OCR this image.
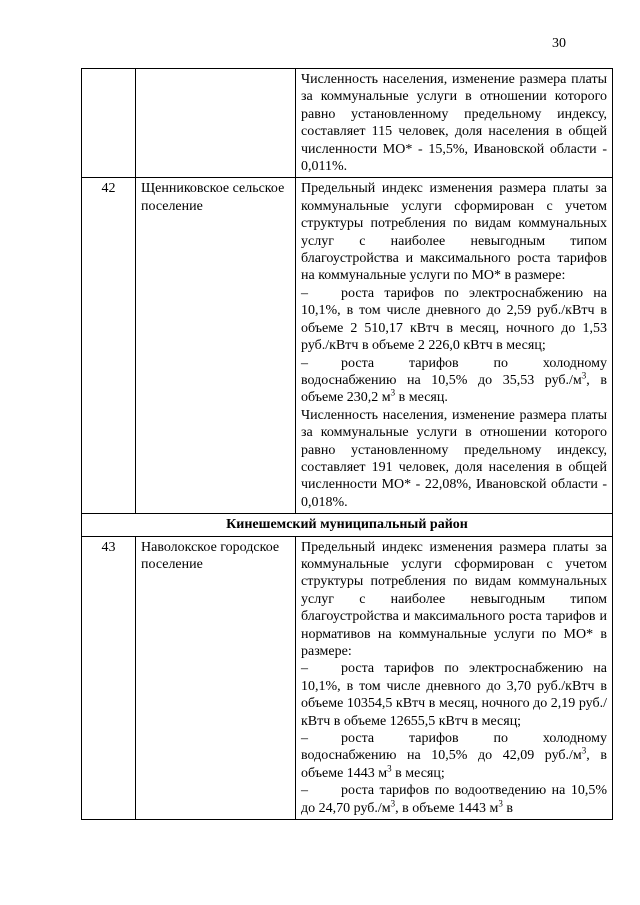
30

		Численность населения, изменение размера платы за коммунальные услуги в отношении которого равно установленному предельному индексу, составляет 115 человек, доля населения в общей численности МО* - 15,5%, Ивановской области - 0,011%.

42	Щенниковское сельское поселение	Предельный индекс изменения размера платы за коммунальные услуги сформирован с учетом структуры потребления по видам коммунальных услуг с наиболее невыгодным типом благоустройства и максимального роста тарифов на коммунальные услуги по МО* в размере:

– роста тарифов по электроснабжению на 10,1%, в том числе дневного до 2,59 руб./кВтч в объеме 2 510,17 кВтч в месяц, ночного до 1,53 руб./кВтч в объеме 2 226,0 кВтч в месяц;

– роста тарифов по холодному водоснабжению на 10,5% до 35,53 $руб./м^3$, в объеме 230,2 $м^3$ в месяц.

Численность населения, изменение размера платы за коммунальные услуги в отношении которого равно установленному предельному индексу, составляет 191 человек, доля населения в общей численности МО* - 22,08%, Ивановской области - 0,018%.

Кинешемский муниципальный район		
43	Наволокское городское поселение	Предельный индекс изменения размера платы за коммунальные услуги сформирован с учетом структуры потребления по видам коммунальных услуг с наиболее невыгодным типом благоустройства и максимального роста тарифов и нормативов на коммунальные услуги по МО* в размере:

– роста тарифов по электроснабжению на 10,1%, в том числе дневного до 3,70 руб./кВтч в объеме 10354,5 кВтч в месяц, ночного до 2,19 руб./кВтч в объеме 12655,5 кВтч в месяц;

– роста тарифов по холодному водоснабжению на 10,5% до 42,09 $руб./м^3$, в объеме 1443 $м^3$ в месяц;

– роста тарифов по водоотведению на 10,5% до 24,70 $руб./м^3$, в объеме 1443 $м^3$ в
